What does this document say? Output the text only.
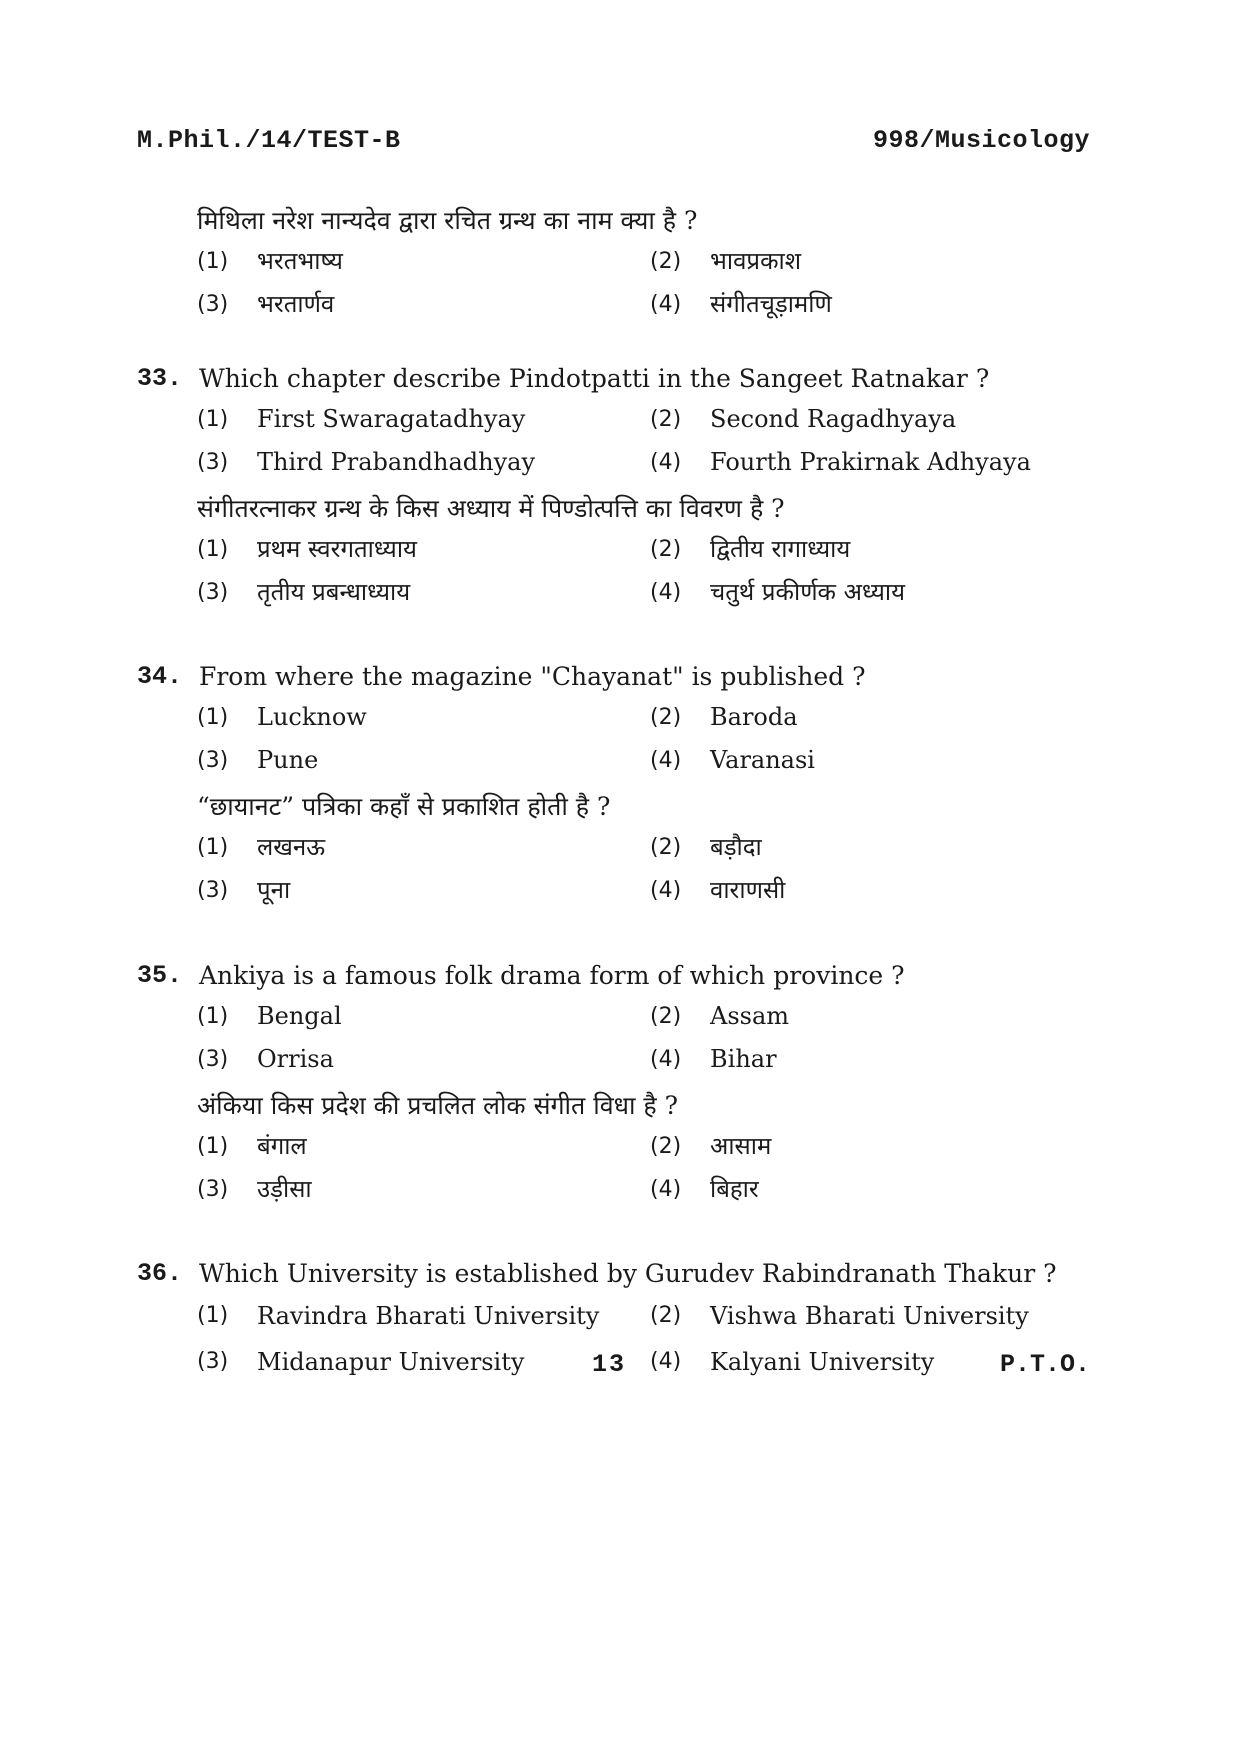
M.Phil./14/TEST-B	998/Musicology
मिथिला नरेश नान्यदेव द्वारा रचित ग्रन्थ का नाम क्या है ?
(1) भरतभाष्य	(2) भावप्रकाश
(3) भरतार्णव	(4) संगीतचूड़ामणि
33. Which chapter describe Pindotpatti in the Sangeet Ratnakar ?
(1) First Swaragatadhyay	(2) Second Ragadhyaya
(3) Third Prabandhadhyay	(4) Fourth Prakirnak Adhyaya
संगीतरत्नाकर ग्रन्थ के किस अध्याय में पिण्डोत्पत्ति का विवरण है ?
(1) प्रथम स्वरगताध्याय	(2) द्वितीय रागाध्याय
(3) तृतीय प्रबन्धाध्याय	(4) चतुर्थ प्रकीर्णक अध्याय
34. From where the magazine "Chayanat" is published ?
(1) Lucknow	(2) Baroda
(3) Pune	(4) Varanasi
“छायानट” पत्रिका कहाँ से प्रकाशित होती है ?
(1) लखनऊ	(2) बड़ौदा
(3) पूना	(4) वाराणसी
35. Ankiya is a famous folk drama form of which province ?
(1) Bengal	(2) Assam
(3) Orrisa	(4) Bihar
अंकिया किस प्रदेश की प्रचलित लोक संगीत विधा है ?
(1) बंगाल	(2) आसाम
(3) उड़ीसा	(4) बिहार
36. Which University is established by Gurudev Rabindranath Thakur ?
(1) Ravindra Bharati University (2) Vishwa Bharati University
(3) Midanapur University	(4) Kalyani University
13	P.T.O.
